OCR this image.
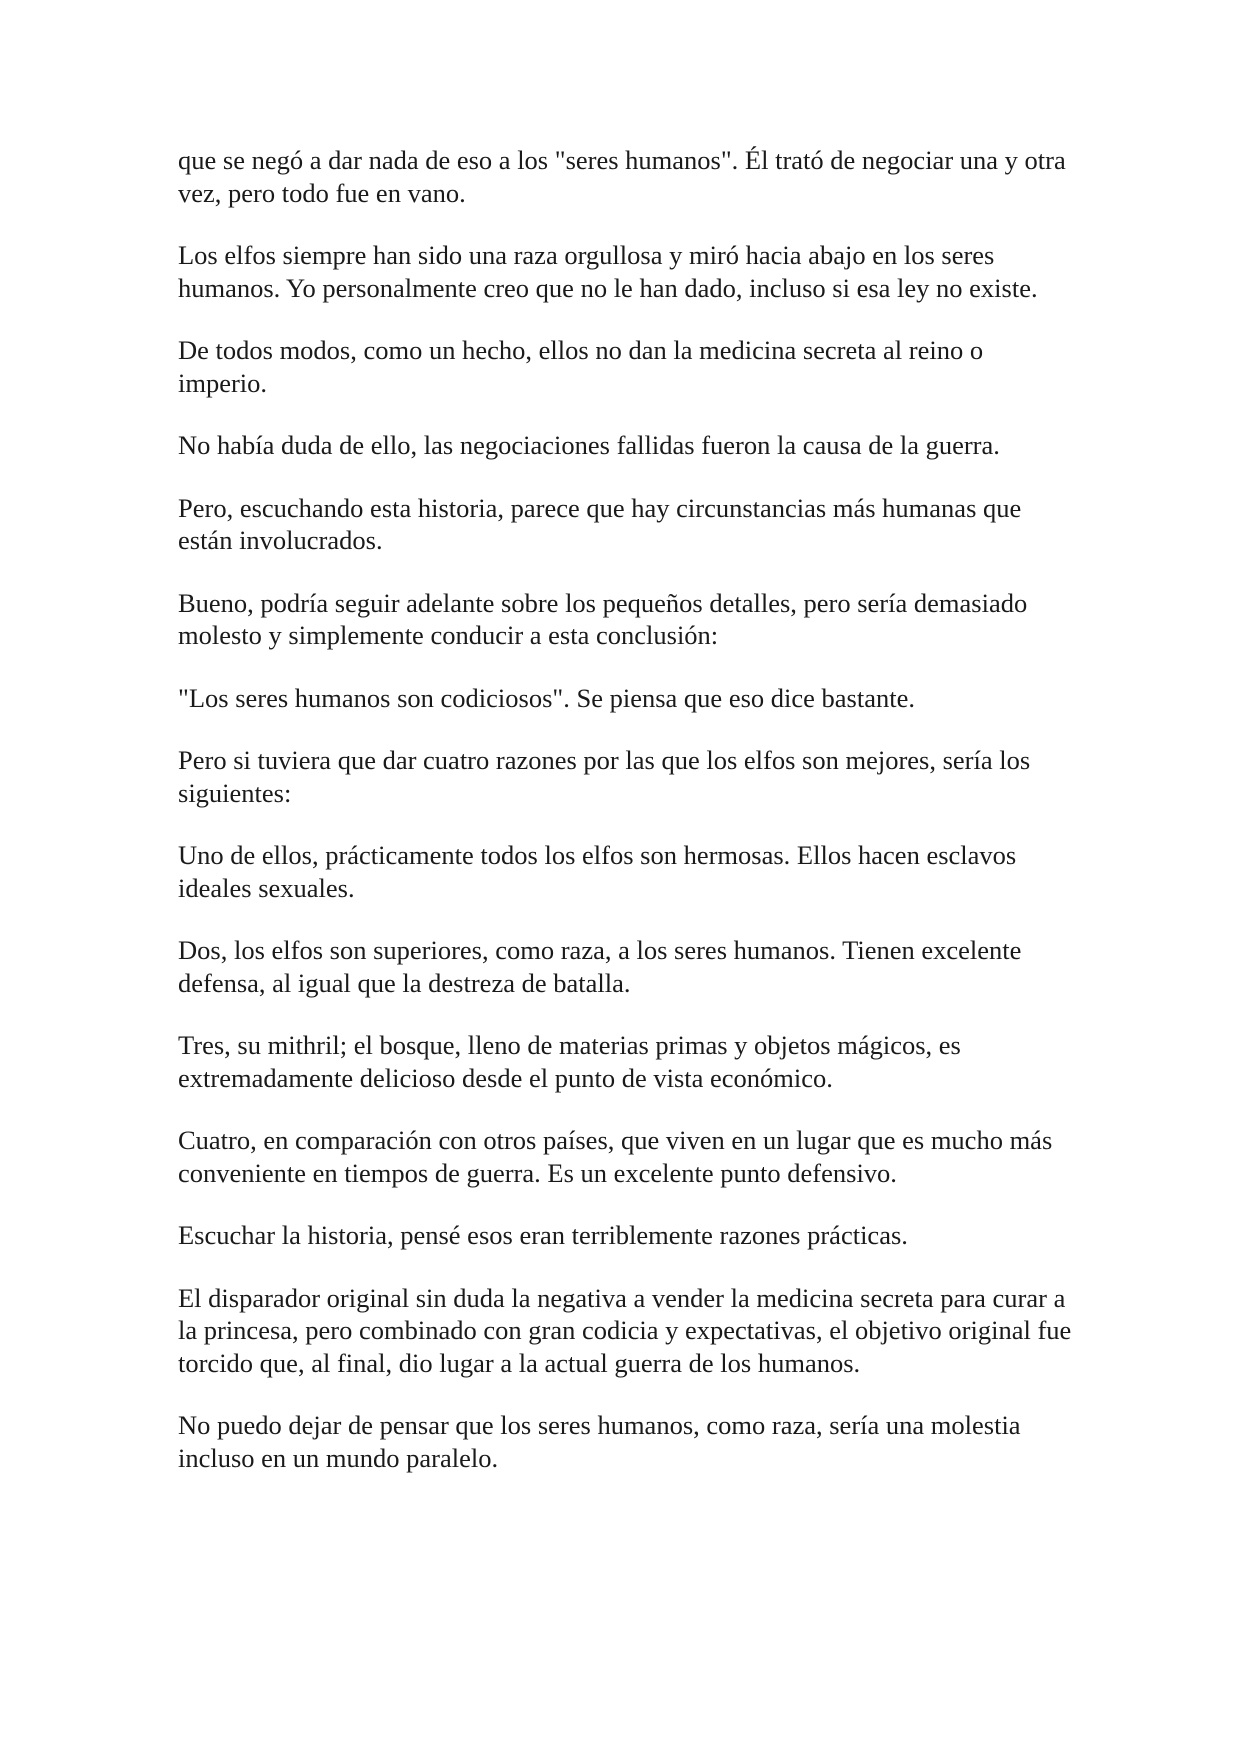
que se negó a dar nada de eso a los "seres humanos". Él trató de negociar una y otra vez, pero todo fue en vano.

Los elfos siempre han sido una raza orgullosa y miró hacia abajo en los seres humanos. Yo personalmente creo que no le han dado, incluso si esa ley no existe.

De todos modos, como un hecho, ellos no dan la medicina secreta al reino o imperio.

No había duda de ello, las negociaciones fallidas fueron la causa de la guerra.

Pero, escuchando esta historia, parece que hay circunstancias más humanas que están involucrados.

Bueno, podría seguir adelante sobre los pequeños detalles, pero sería demasiado molesto y simplemente conducir a esta conclusión:

"Los seres humanos son codiciosos". Se piensa que eso dice bastante.

Pero si tuviera que dar cuatro razones por las que los elfos son mejores, sería los siguientes:

Uno de ellos, prácticamente todos los elfos son hermosas. Ellos hacen esclavos ideales sexuales.

Dos, los elfos son superiores, como raza, a los seres humanos. Tienen excelente defensa, al igual que la destreza de batalla.

Tres, su mithril; el bosque, lleno de materias primas y objetos mágicos, es extremadamente delicioso desde el punto de vista económico.

Cuatro, en comparación con otros países, que viven en un lugar que es mucho más conveniente en tiempos de guerra. Es un excelente punto defensivo.

Escuchar la historia, pensé esos eran terriblemente razones prácticas.

El disparador original sin duda la negativa a vender la medicina secreta para curar a la princesa, pero combinado con gran codicia y expectativas, el objetivo original fue torcido que, al final, dio lugar a la actual guerra de los humanos.

No puedo dejar de pensar que los seres humanos, como raza, sería una molestia incluso en un mundo paralelo.
